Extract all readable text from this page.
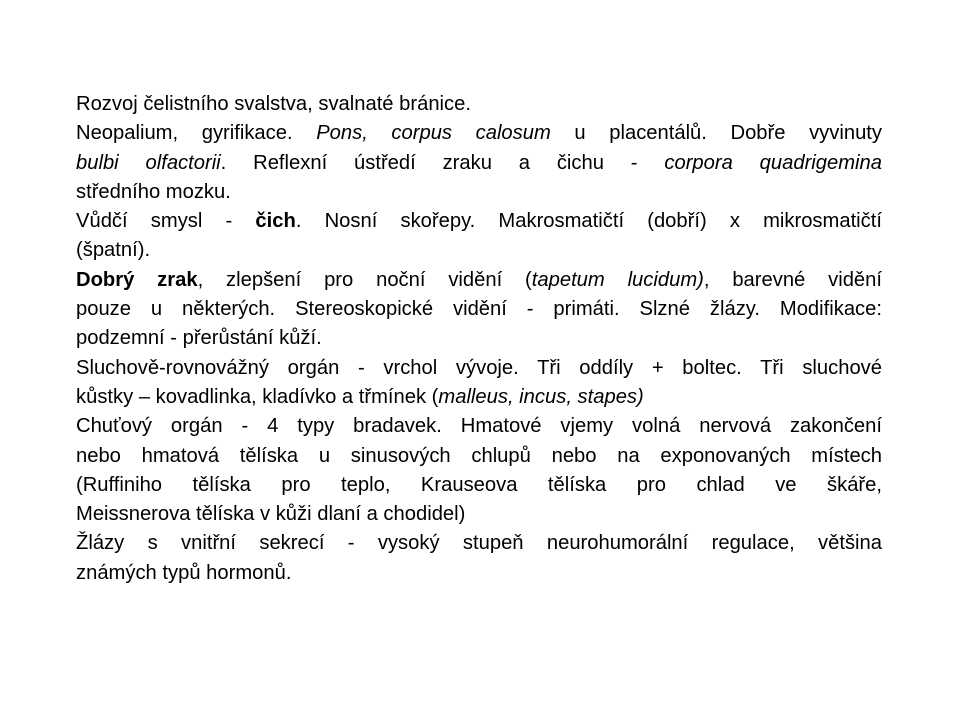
Rozvoj čelistního svalstva, svalnaté bránice.

Neopalium, gyrifikace. Pons, corpus calosum u placentálů. Dobře vyvinuty
bulbi olfactorii. Reflexní ústředí zraku a čichu - corpora quadrigemina
středního mozku.

Vůdčí smysl - čich. Nosní skořepy. Makrosmatičtí (dobří) x mikrosmatičtí
(špatní).

Dobrý zrak, zlepšení pro noční vidění (tapetum lucidum), barevné vidění
pouze u některých. Stereoskopické vidění - primáti. Slzné žlázy. Modifikace:
podzemní - přerůstání kůží.

Sluchově-rovnovážný orgán - vrchol vývoje. Tři oddíly + boltec. Tři sluchové
kůstky – kovadlinka, kladívko a třmínek (malleus, incus, stapes)

Chuťový orgán - 4 typy bradavek. Hmatové vjemy volná nervová zakončení
nebo hmatová tělíska u sinusových chlupů nebo na exponovaných místech
(Ruffiniho tělíska pro teplo, Krauseova tělíska pro chlad ve škáře,
Meissnerova tělíska v kůži dlaní a chodidel)

Žlázy s vnitřní sekrecí - vysoký stupeň neurohumorální regulace, většina
známých typů hormonů.
